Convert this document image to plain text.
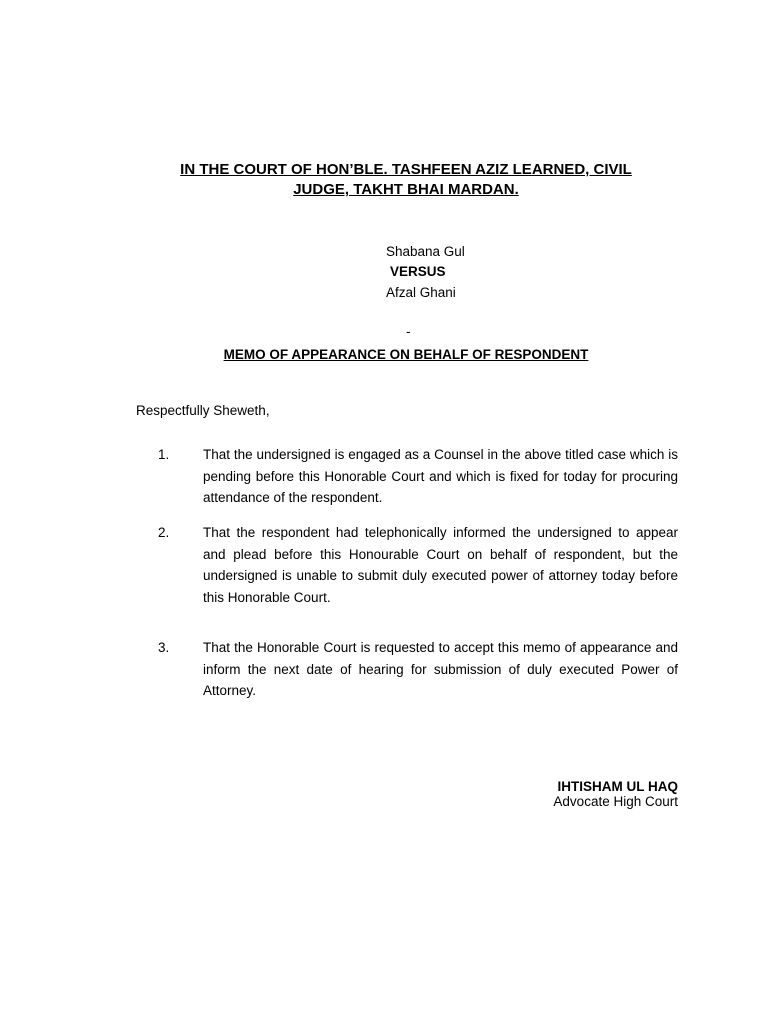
IN THE COURT OF HON’BLE. TASHFEEN AZIZ LEARNED, CIVIL
JUDGE, TAKHT BHAI MARDAN.
Shabana Gul
VERSUS
Afzal Ghani
-
MEMO OF APPEARANCE ON BEHALF OF RESPONDENT
Respectfully Sheweth,
1. That the undersigned is engaged as a Counsel in the above titled case which is pending before this Honorable Court and which is fixed for today for procuring attendance of the respondent.
2. That the respondent had telephonically informed the undersigned to appear and plead before this Honourable Court on behalf of respondent, but the undersigned is unable to submit duly executed power of attorney today before this Honorable Court.
3. That the Honorable Court is requested to accept this memo of appearance and inform the next date of hearing for submission of duly executed Power of Attorney.
IHTISHAM UL HAQ
Advocate High Court
